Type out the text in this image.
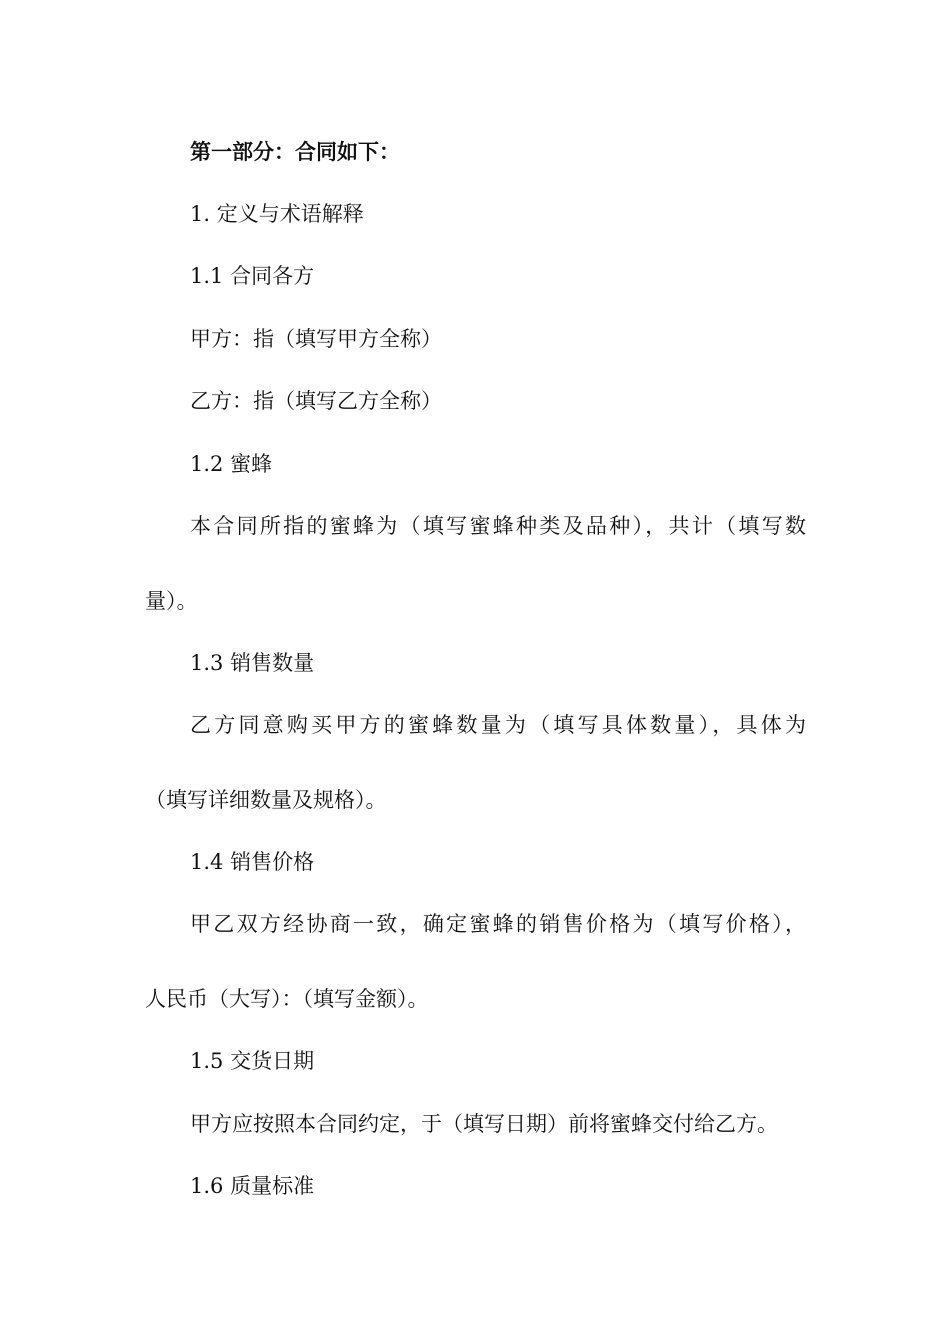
第一部分：合同如下：
1. 定义与术语解释
1.1 合同各方
甲方：指（填写甲方全称）
乙方：指（填写乙方全称）
1.2 蜜蜂
本合同所指的蜜蜂为（填写蜜蜂种类及品种），共计（填写数
量）。
1.3 销售数量
乙方同意购买甲方的蜜蜂数量为（填写具体数量），具体为
（填写详细数量及规格）。
1.4 销售价格
甲乙双方经协商一致，确定蜜蜂的销售价格为（填写价格），
人民币（大写）：（填写金额）。
1.5 交货日期
甲方应按照本合同约定，于（填写日期）前将蜜蜂交付给乙方。
1.6 质量标准
